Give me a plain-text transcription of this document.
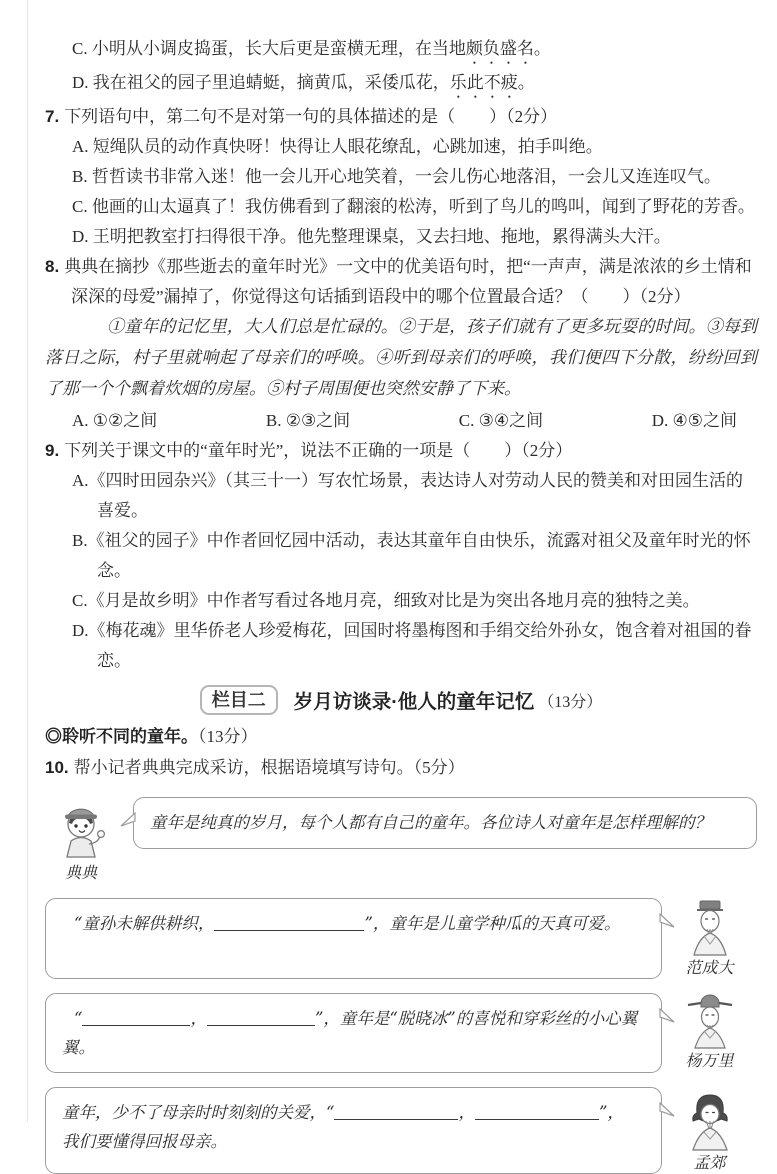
C. 小明从小调皮捣蛋，长大后更是蛮横无理，在当地颇负盛名。

D. 我在祖父的园子里追蜻蜓，摘黄瓜，采倭瓜花，乐此不疲。

7. 下列语句中，第二句不是对第一句的具体描述的是（　　）（2分）

A. 短绳队员的动作真快呀！快得让人眼花缭乱，心跳加速，拍手叫绝。

B. 哲哲读书非常入迷！他一会儿开心地笑着，一会儿伤心地落泪，一会儿又连连叹气。

C. 他画的山太逼真了！我仿佛看到了翻滚的松涛，听到了鸟儿的鸣叫，闻到了野花的芳香。

D. 王明把教室打扫得很干净。他先整理课桌，又去扫地、拖地，累得满头大汗。

8. 典典在摘抄《那些逝去的童年时光》一文中的优美语句时，把“一声声，满是浓浓的乡土情和深深的母爱”漏掉了，你觉得这句话插到语段中的哪个位置最合适？（　　）（2分）

①童年的记忆里，大人们总是忙碌的。②于是，孩子们就有了更多玩耍的时间。③每到落日之际，村子里就响起了母亲们的呼唤。④听到母亲们的呼唤，我们便四下分散，纷纷回到了那一个个飘着炊烟的房屋。⑤村子周围便也突然安静了下来。

A. ①②之间	B. ②③之间	C. ③④之间	D. ④⑤之间

9. 下列关于课文中的“童年时光”，说法不正确的一项是（　　）（2分）

A.《四时田园杂兴》（其三十一）写农忙场景，表达诗人对劳动人民的赞美和对田园生活的喜爱。

B.《祖父的园子》中作者回忆园中活动，表达其童年自由快乐，流露对祖父及童年时光的怀念。

C.《月是故乡明》中作者写看过各地月亮，细致对比是为突出各地月亮的独特之美。

D.《梅花魂》里华侨老人珍爱梅花，回国时将墨梅图和手绢交给外孙女，饱含着对祖国的眷恋。

栏目二	岁月访谈录·他人的童年记忆 （13分）

◎聆听不同的童年。（13分）

10. 帮小记者典典完成采访，根据语境填写诗句。（5分）

典典
童年是纯真的岁月，每个人都有自己的童年。各位诗人对童年是怎样理解的？
“童孙未解供耕织，	”，童年是儿童学种瓜的天真可爱。
范成大
“	，	”，童年是“脱晓冰”的喜悦和穿彩丝的小心翼翼。
杨万里
童年，少不了母亲时时刻刻的关爱，“	，	”，
我们要懂得回报母亲。
孟郊
